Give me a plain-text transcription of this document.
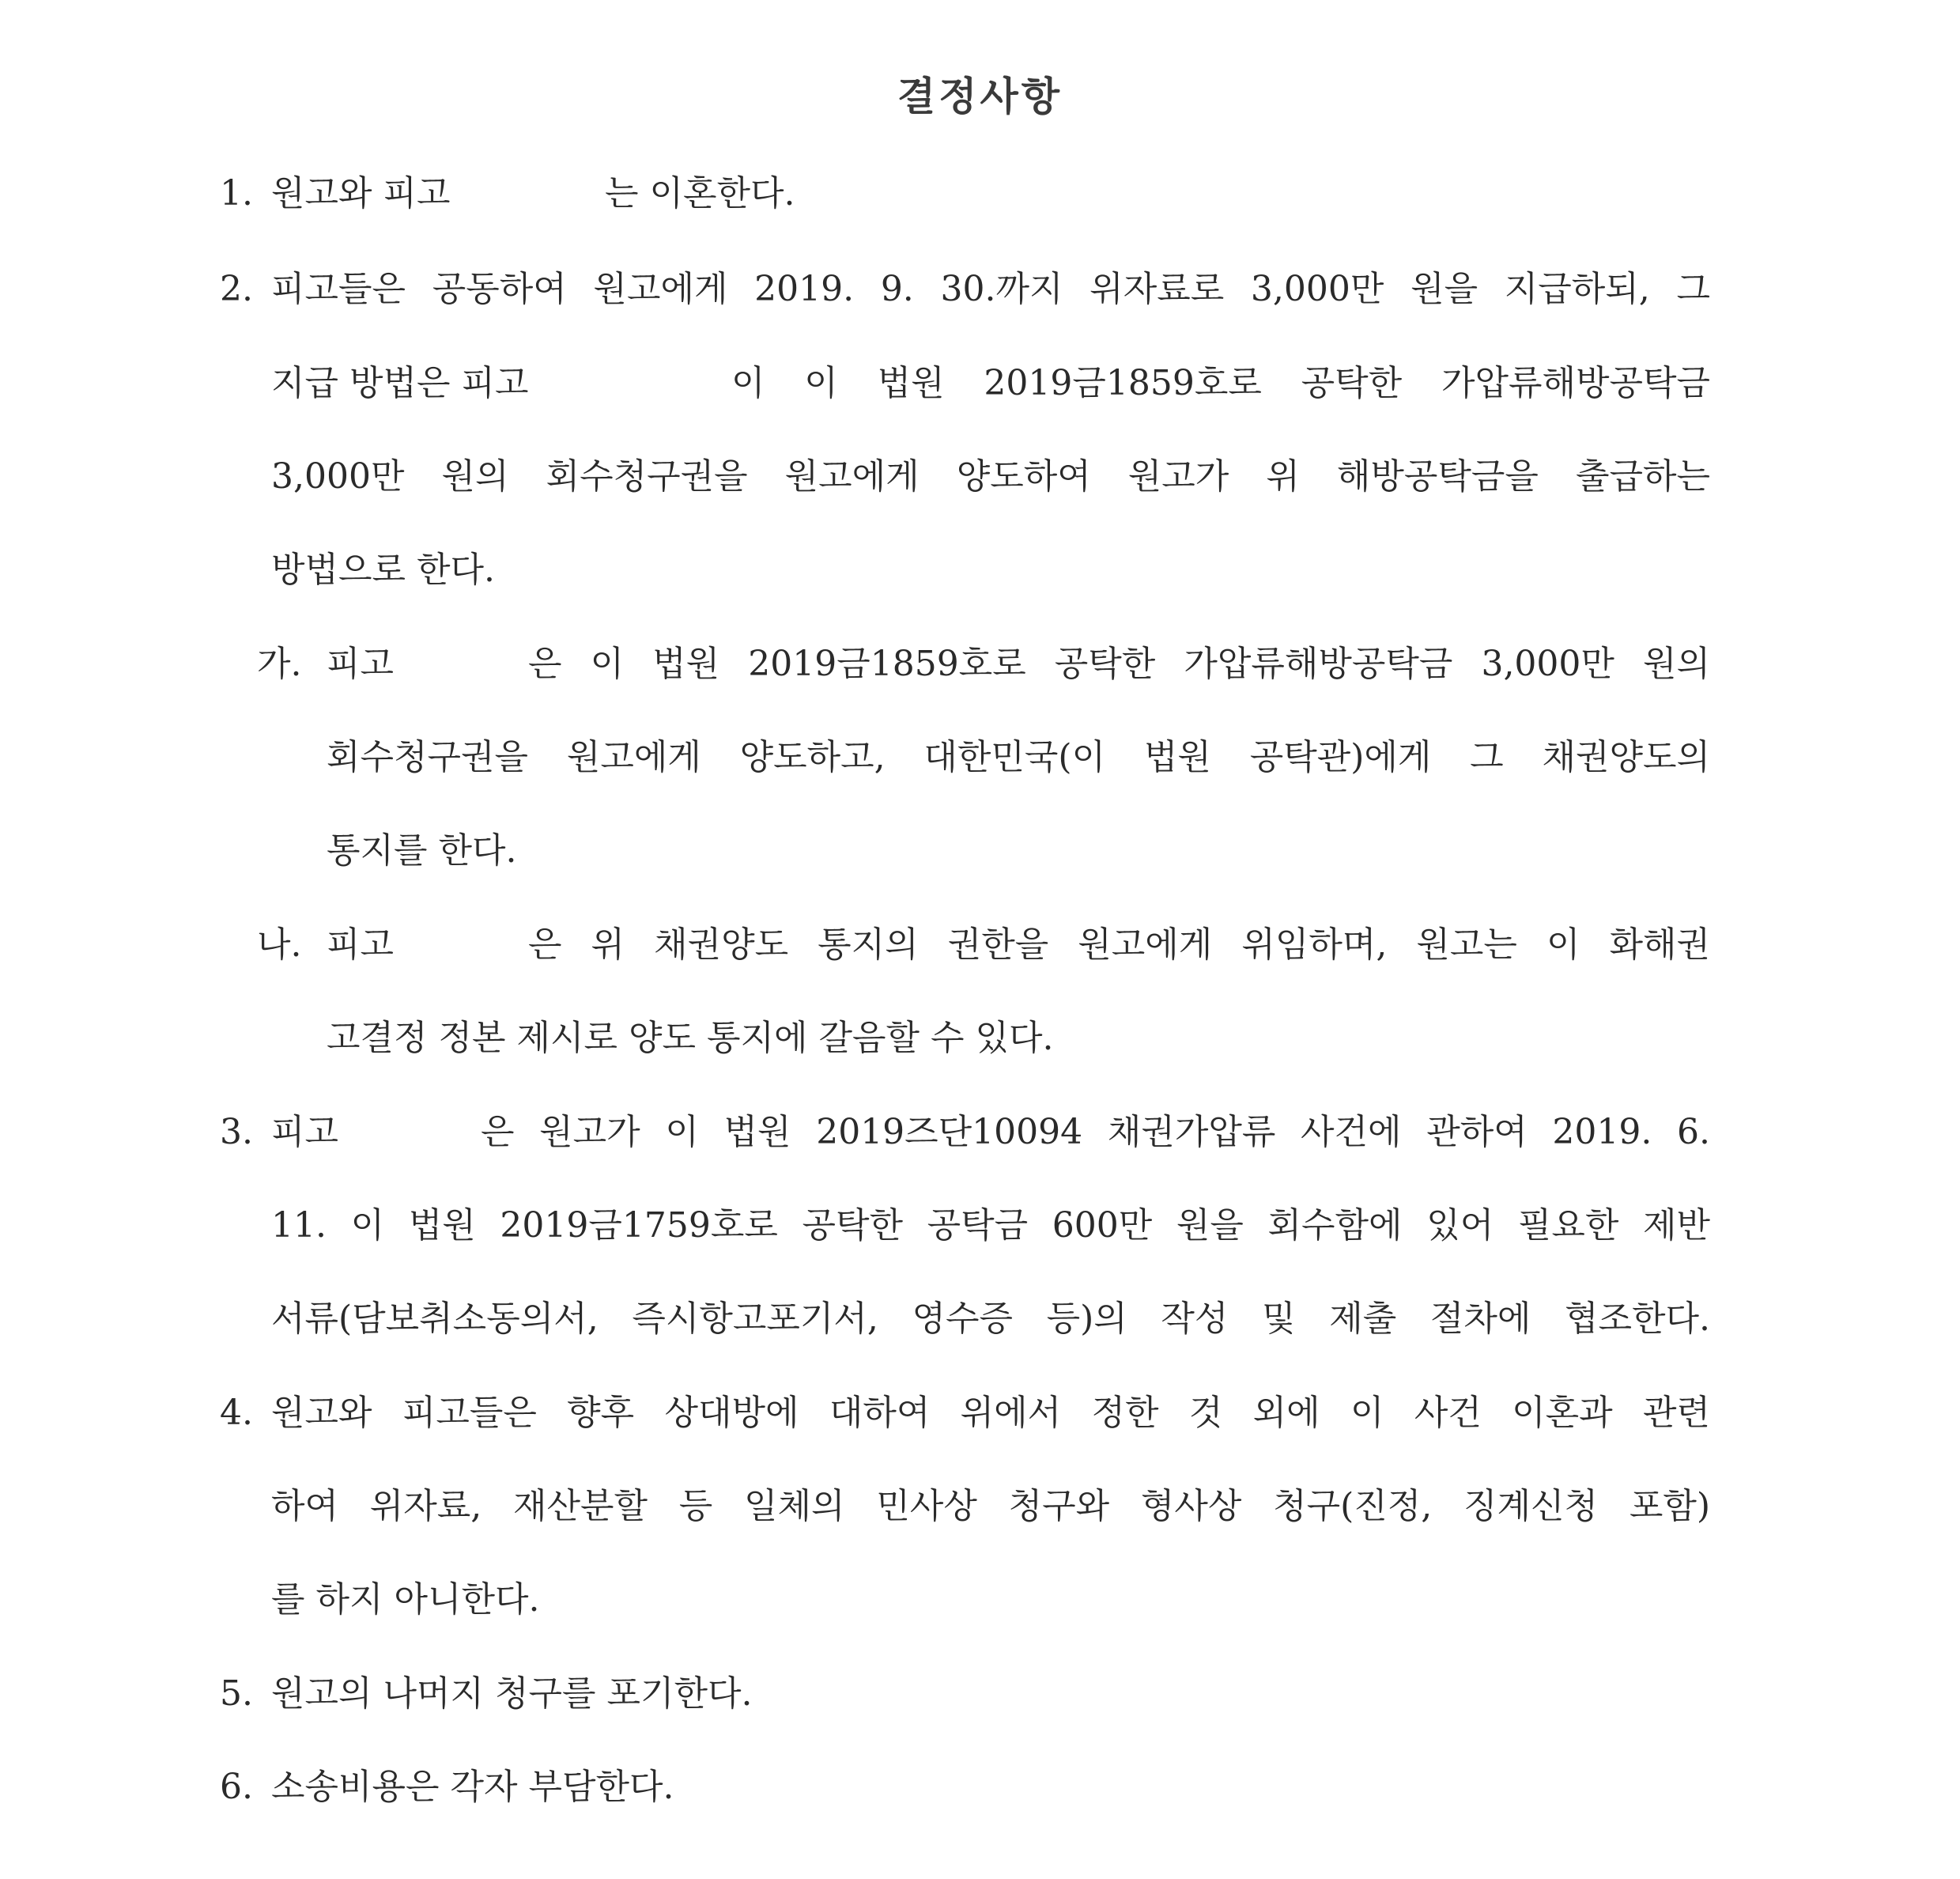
결정사항
1. 원고와 피고	는 이혼한다.
2. 피고들은 공동하여 원고에게 2019. 9. 30.까지 위자료로 3,000만 원을 지급하되, 그
지급 방법은 피고	이 이 법원 2019금1859호로 공탁한 가압류해방공탁금
3,000만 원의 회수청구권을 원고에게 양도하여 원고가 위 해방공탁금을 출급하는
방법으로 한다.
가. 피고	은 이 법원 2019금1859호로 공탁한 가압류해방공탁금 3,000만 원의
회수청구권을 원고에게 양도하고, 대한민국(이 법원 공탁관)에게 그 채권양도의
통지를 한다.
나. 피고	은 위 채권양도 통지의 권한을 원고에게 위임하며, 원고는 이 화해권
고결정 정본 제시로 양도 통지에 갈음할 수 있다.
3. 피고	은 원고가 이 법원 2019즈단10094 채권가압류 사건에 관하여 2019. 6.
11. 이 법원 2019금1759호로 공탁한 공탁금 600만 원을 회수함에 있어 필요한 제반
서류(담보취소동의서, 즉시항고포기서, 영수증 등)의 작성 및 제출 절차에 협조한다.
4. 원고와 피고들은 향후 상대방에 대하여 위에서 정한 것 외에 이 사건 이혼과 관련
하여 위자료, 재산분할 등 일체의 민사상 청구와 형사상 청구(진정, 징계신청 포함)
를 하지 아니한다.
5. 원고의 나머지 청구를 포기한다.
6. 소송비용은 각자 부담한다.
